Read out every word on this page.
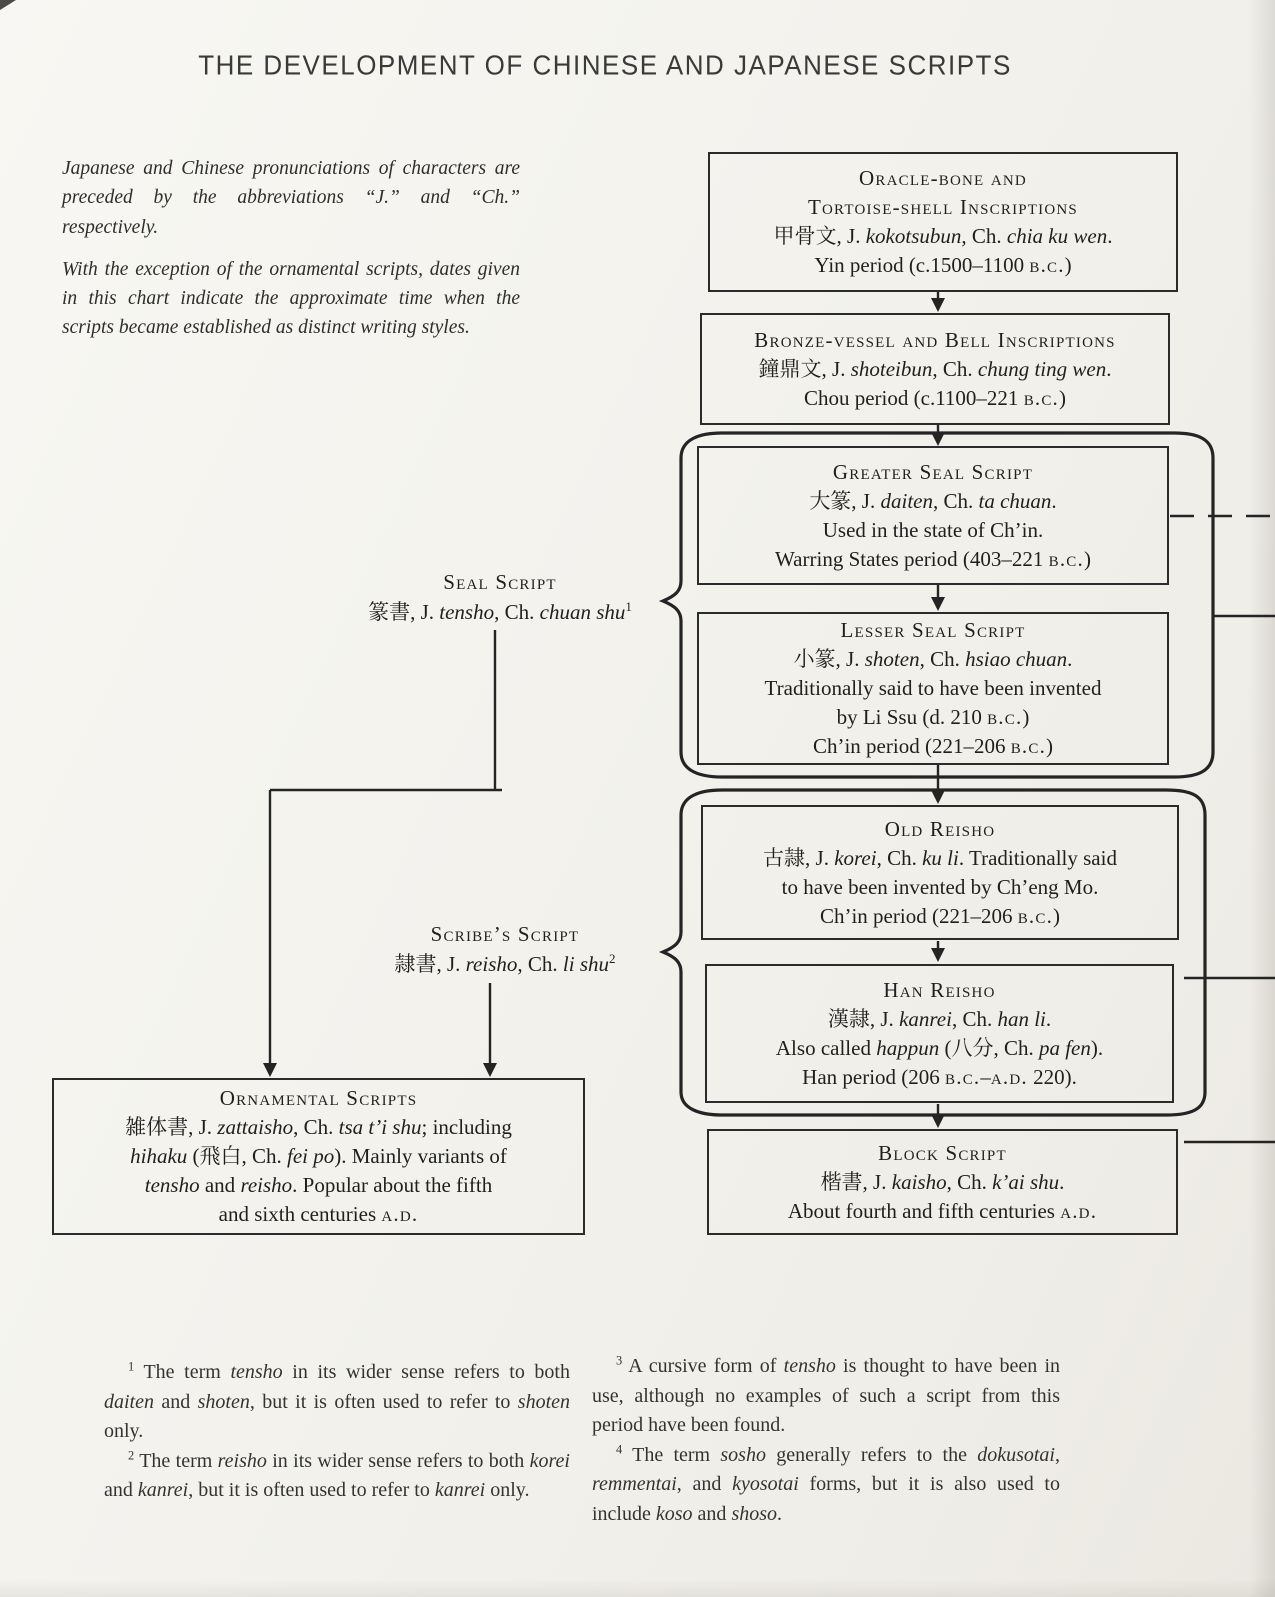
THE DEVELOPMENT OF CHINESE AND JAPANESE SCRIPTS

Japanese and Chinese pronunciations of characters are preceded by the abbreviations “J.” and “Ch.” respectively.

With the exception of the ornamental scripts, dates given in this chart indicate the approximate time when the scripts became established as distinct writing styles.

Oracle-bone and
Tortoise-shell Inscriptions
甲骨文, J. kokotsubun, Ch. chia ku wen.
Yin period (c.1500–1100 b.c.)
Bronze-vessel and Bell Inscriptions
鐘鼎文, J. shoteibun, Ch. chung ting wen.
Chou period (c.1100–221 b.c.)
Greater Seal Script
大篆, J. daiten, Ch. ta chuan.
Used in the state of Ch’in.
Warring States period (403–221 b.c.)
Lesser Seal Script
小篆, J. shoten, Ch. hsiao chuan.
Traditionally said to have been invented
by Li Ssu (d. 210 b.c.)
Ch’in period (221–206 b.c.)
Old Reisho
古隷, J. korei, Ch. ku li. Traditionally said
to have been invented by Ch’eng Mo.
Ch’in period (221–206 b.c.)
Han Reisho
漢隷, J. kanrei, Ch. han li.
Also called happun (八分, Ch. pa fen).
Han period (206 b.c.–a.d. 220).
Block Script
楷書, J. kaisho, Ch. k’ai shu.
About fourth and fifth centuries a.d.
Ornamental Scripts
雑体書, J. zattaisho, Ch. tsa t’i shu; including
hihaku (飛白, Ch. fei po). Mainly variants of
tensho and reisho. Popular about the fifth
and sixth centuries a.d.
Seal Script
篆書, J. tensho, Ch. chuan shu$^1$
Scribe’s Script
隷書, J. reisho, Ch. li shu$^2$
$^1$ The term tensho in its wider sense refers to both daiten and shoten, but it is often used to refer to shoten only.
$^2$ The term reisho in its wider sense refers to both korei and kanrei, but it is often used to refer to kanrei only.
$^3$ A cursive form of tensho is thought to have been in use, although no examples of such a script from this period have been found.
$^4$ The term sosho generally refers to the dokusotai, remmentai, and kyosotai forms, but it is also used to include koso and shoso.
